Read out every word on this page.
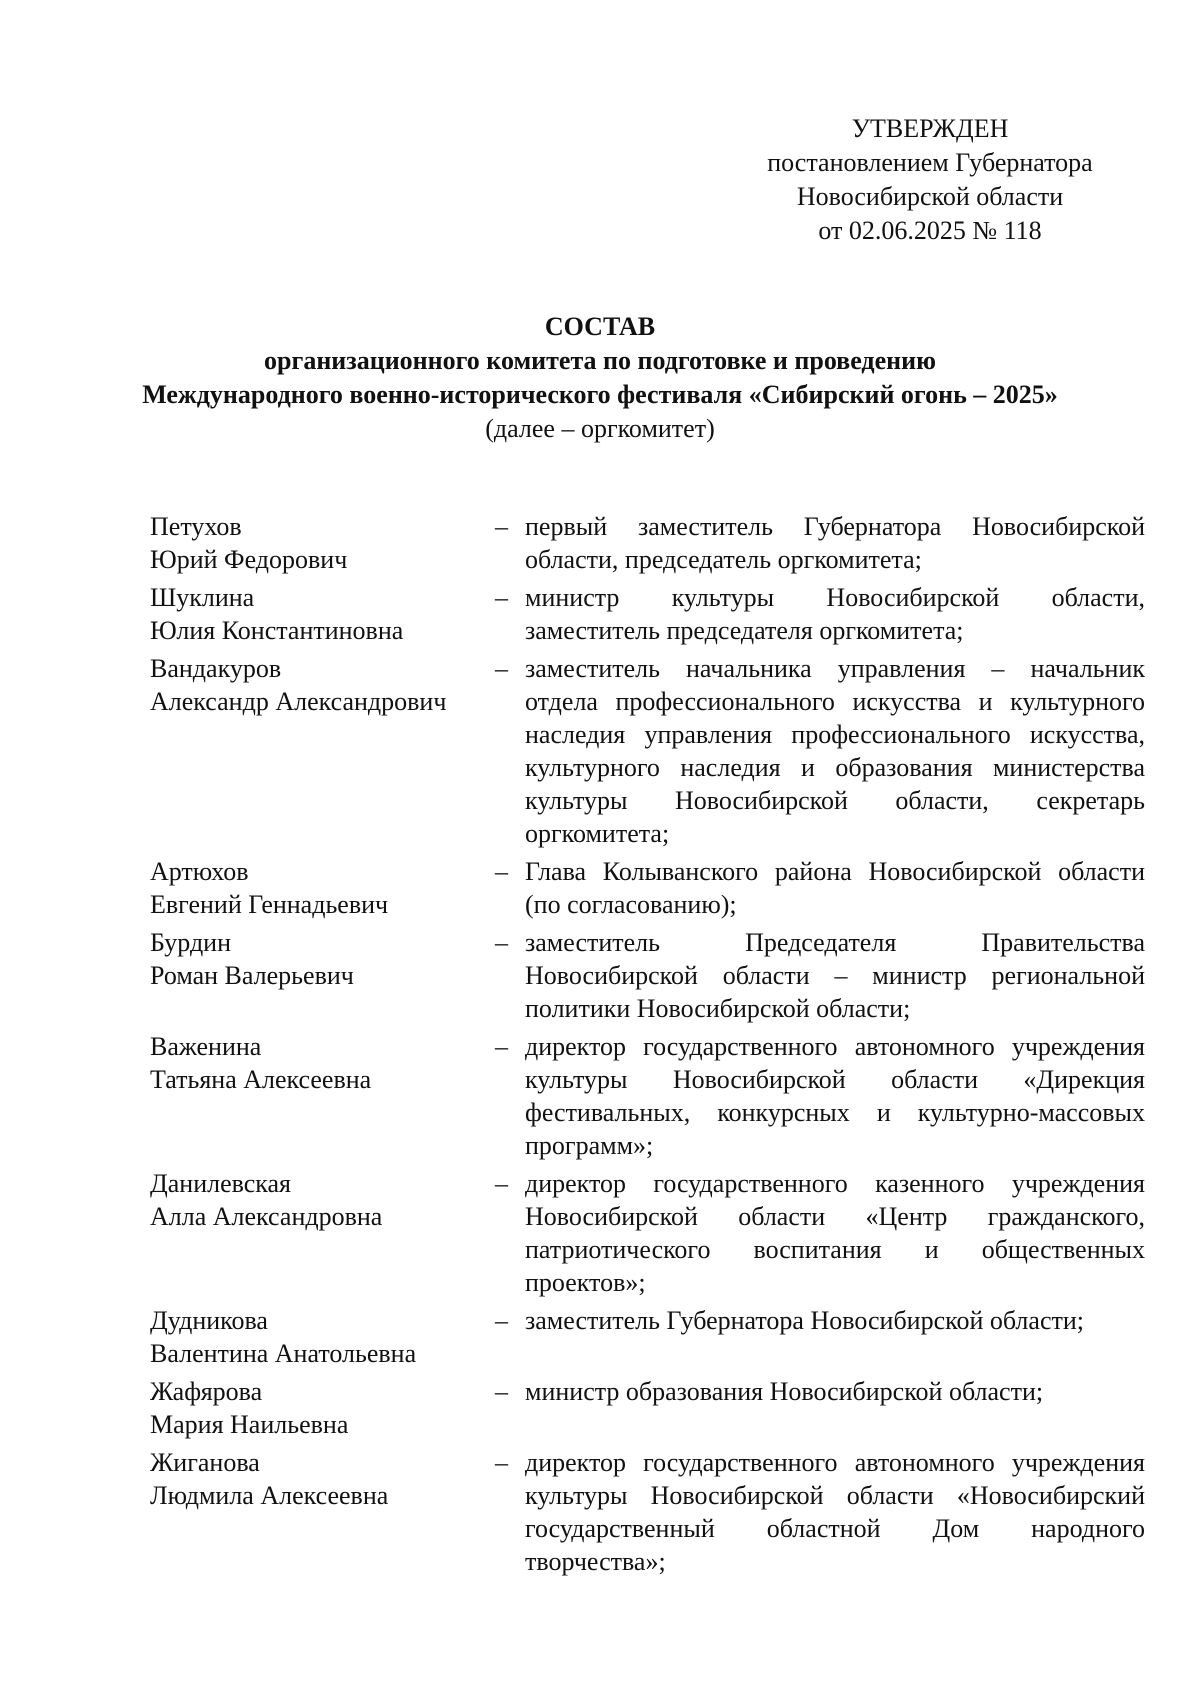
УТВЕРЖДЕН
постановлением Губернатора
Новосибирской области
от 02.06.2025 № 118
СОСТАВ
организационного комитета по подготовке и проведению
Международного военно-исторического фестиваля «Сибирский огонь – 2025»
(далее – оргкомитет)
Петухов
Юрий Федорович
– первый заместитель Губернатора Новосибирской области, председатель оргкомитета;
Шуклина
Юлия Константиновна
– министр культуры Новосибирской области, заместитель председателя оргкомитета;
Вандакуров
Александр Александрович
– заместитель начальника управления – начальник отдела профессионального искусства и культурного наследия управления профессионального искусства, культурного наследия и образования министерства культуры Новосибирской области, секретарь оргкомитета;
Артюхов
Евгений Геннадьевич
– Глава Колыванского района Новосибирской области (по согласованию);
Бурдин
Роман Валерьевич
– заместитель Председателя Правительства Новосибирской области – министр региональной политики Новосибирской области;
Важенина
Татьяна Алексеевна
– директор государственного автономного учреждения культуры Новосибирской области «Дирекция фестивальных, конкурсных и культурно-массовых программ»;
Данилевская
Алла Александровна
– директор государственного казенного учреждения Новосибирской области «Центр гражданского, патриотического воспитания и общественных проектов»;
Дудникова
Валентина Анатольевна
– заместитель Губернатора Новосибирской области;
Жафярова
Мария Наильевна
– министр образования Новосибирской области;
Жиганова
Людмила Алексеевна
– директор государственного автономного учреждения культуры Новосибирской области «Новосибирский государственный областной Дом народного творчества»;
